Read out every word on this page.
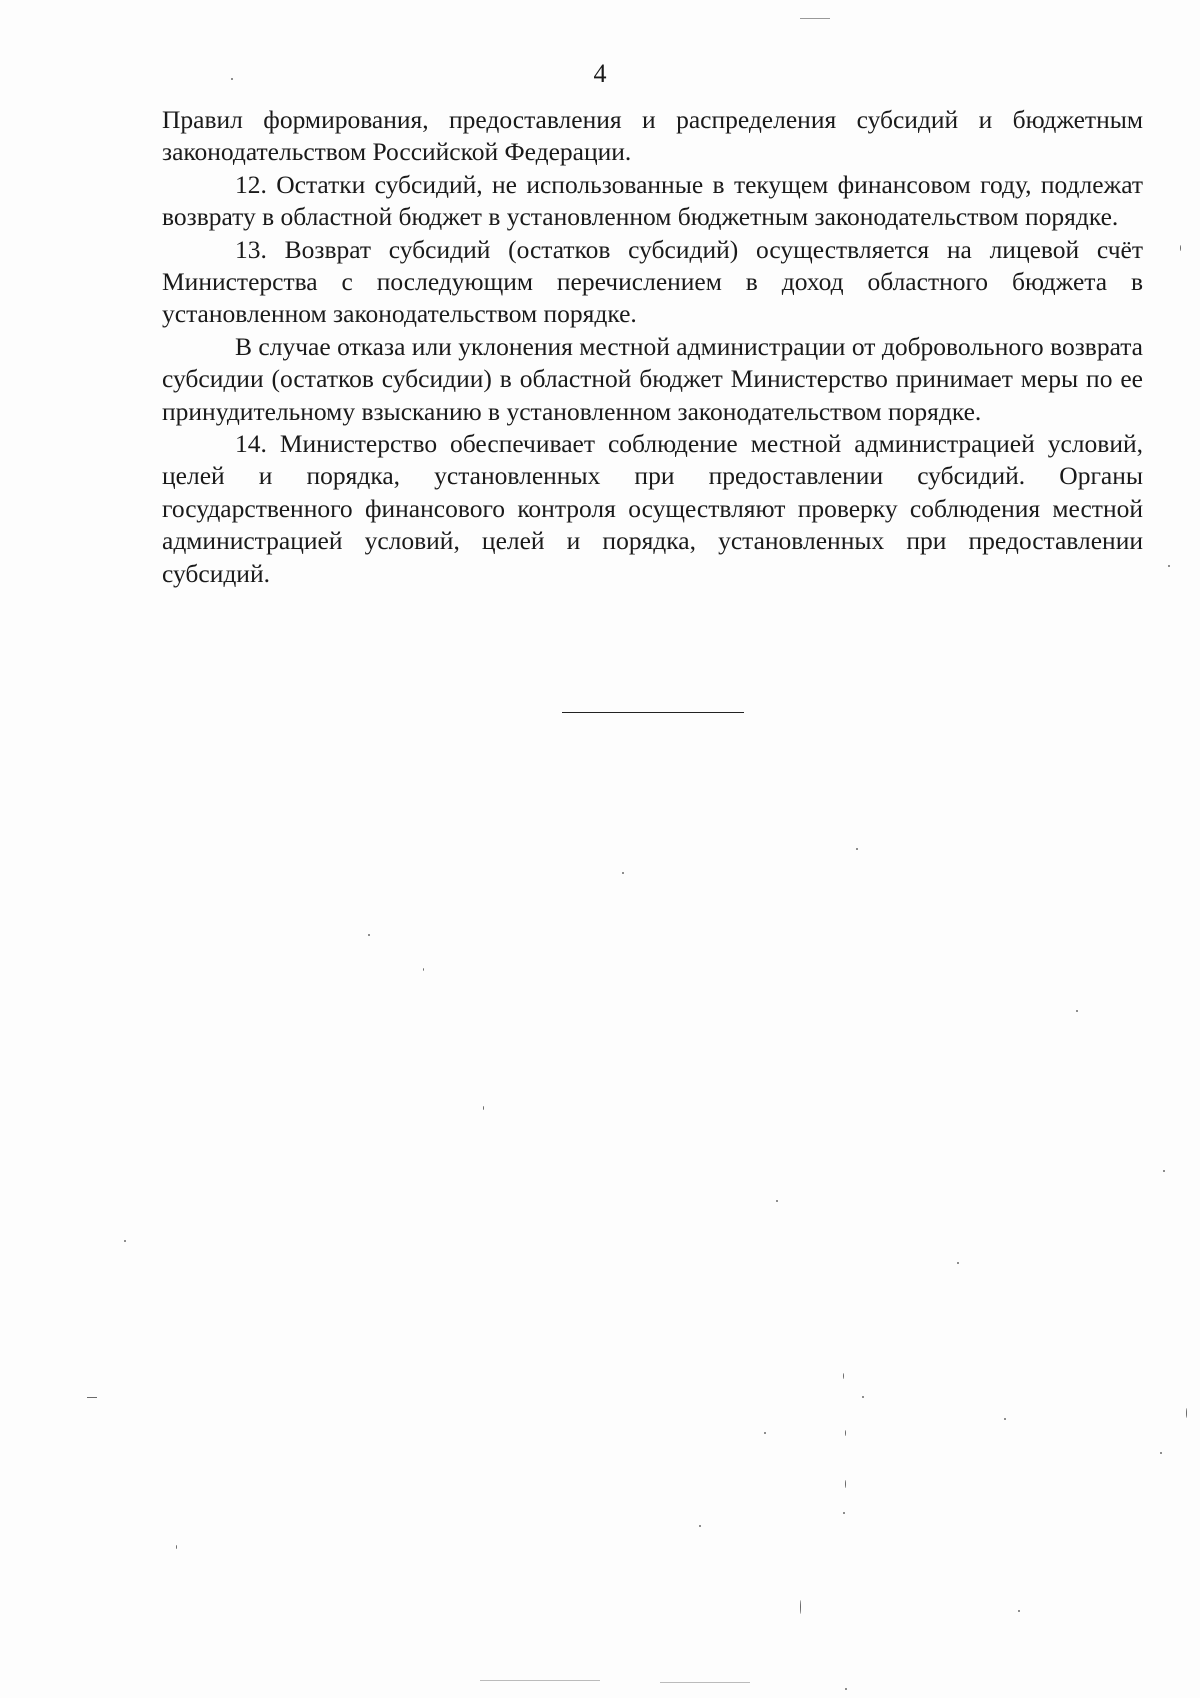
4

Правил формирования, предоставления и распределения субсидий и бюджетным законодательством Российской Федерации.

12. Остатки субсидий, не использованные в текущем финансовом году, подлежат возврату в областной бюджет в установленном бюджетным законодательством порядке.

13. Возврат субсидий (остатков субсидий) осуществляется на лицевой счёт Министерства с последующим перечислением в доход областного бюджета в установленном законодательством порядке.

В случае отказа или уклонения местной администрации от добровольного возврата субсидии (остатков субсидии) в областной бюджет Министерство принимает меры по ее принудительному взысканию в установленном законодательством порядке.

14. Министерство обеспечивает соблюдение местной администрацией условий, целей и порядка, установленных при предоставлении субсидий. Органы государственного финансового контроля осуществляют проверку соблюдения местной администрацией условий, целей и порядка, установленных при предоставлении субсидий.
